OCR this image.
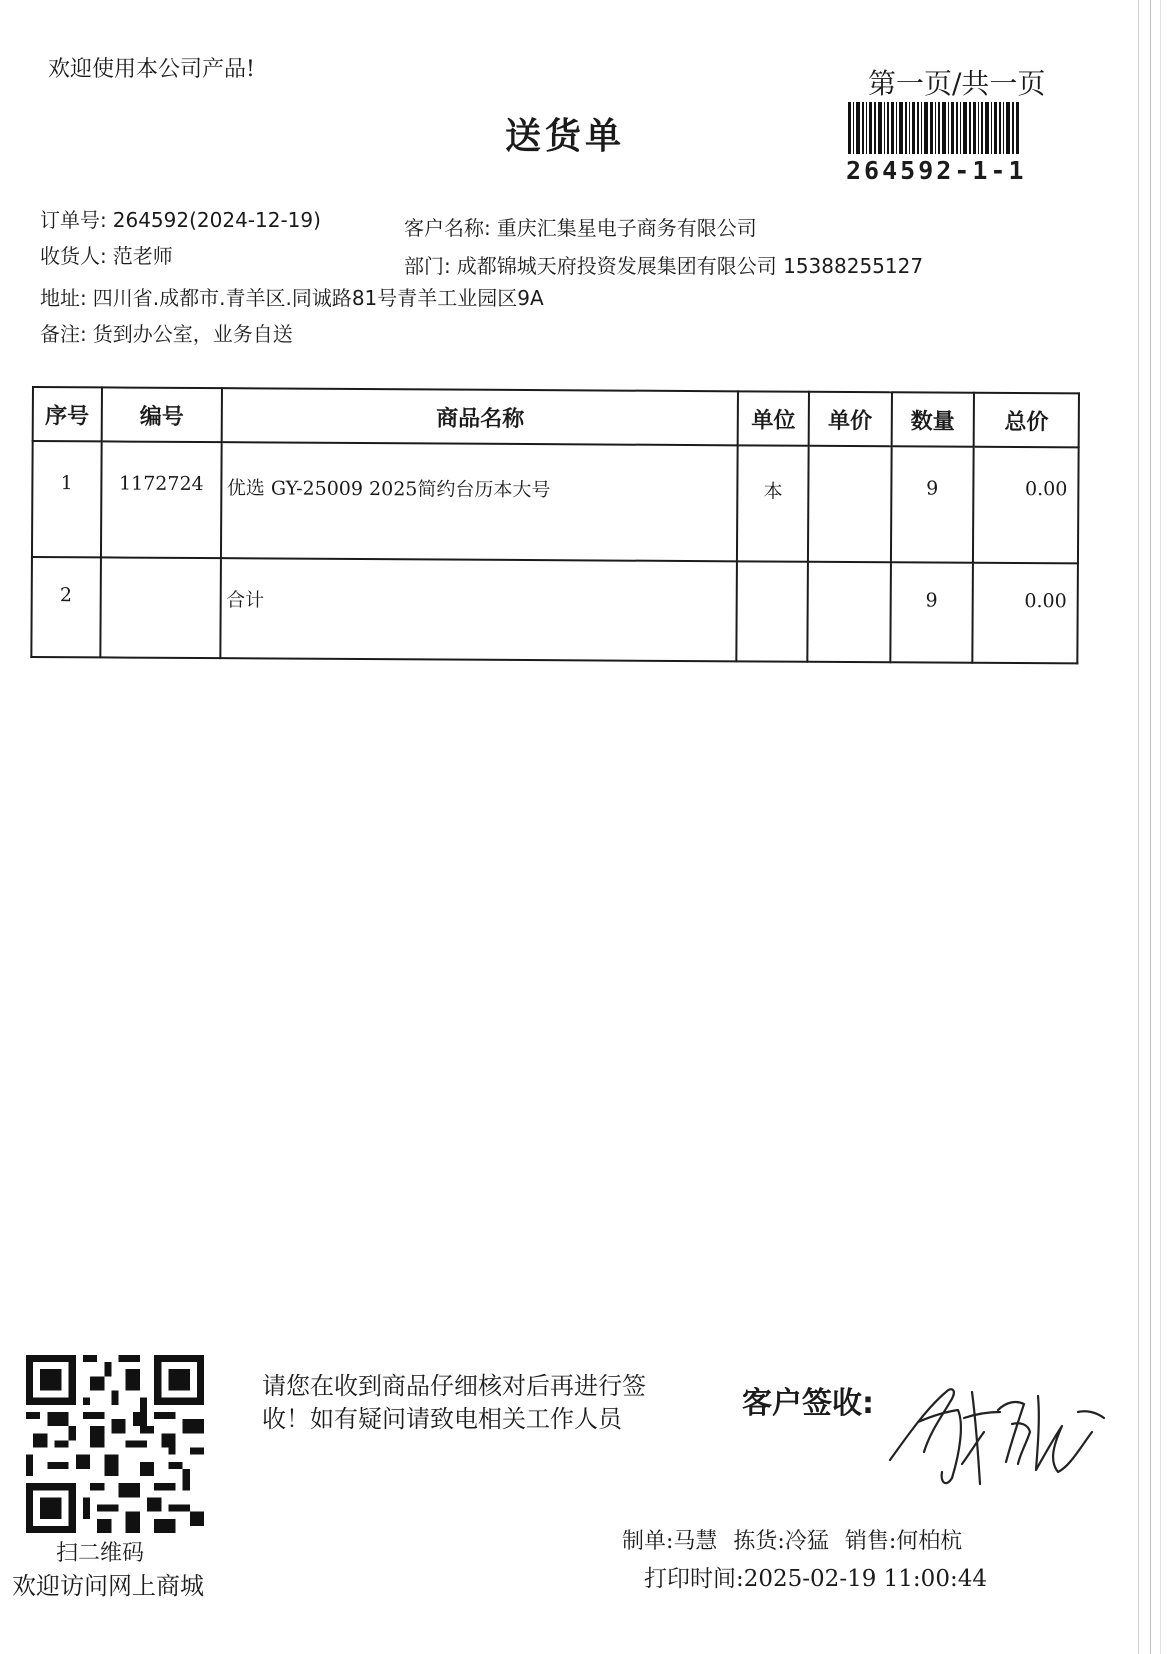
欢迎使用本公司产品!
送货单
第一页/共一页
264592-1-1
订单号: 264592(2024-12-19)	客户名称: 重庆汇集星电子商务有限公司
收货人: 范老师	部门: 成都锦城天府投资发展集团有限公司 15388255127
地址: 四川省.成都市.青羊区.同诚路81号青羊工业园区9A
备注: 货到办公室，业务自送
序号	编号	商品名称	单位	单价	数量	总价
1	1172724	优选 GY-25009 2025简约台历本大号	本		9	0.00
2		合计			9	0.00
扫二维码
欢迎访问网上商城
请您在收到商品仔细核对后再进行签收！如有疑问请致电相关工作人员	客户签收:
制单:马慧 拣货:冷猛 销售:何柏杭
打印时间:2025-02-19 11:00:44
